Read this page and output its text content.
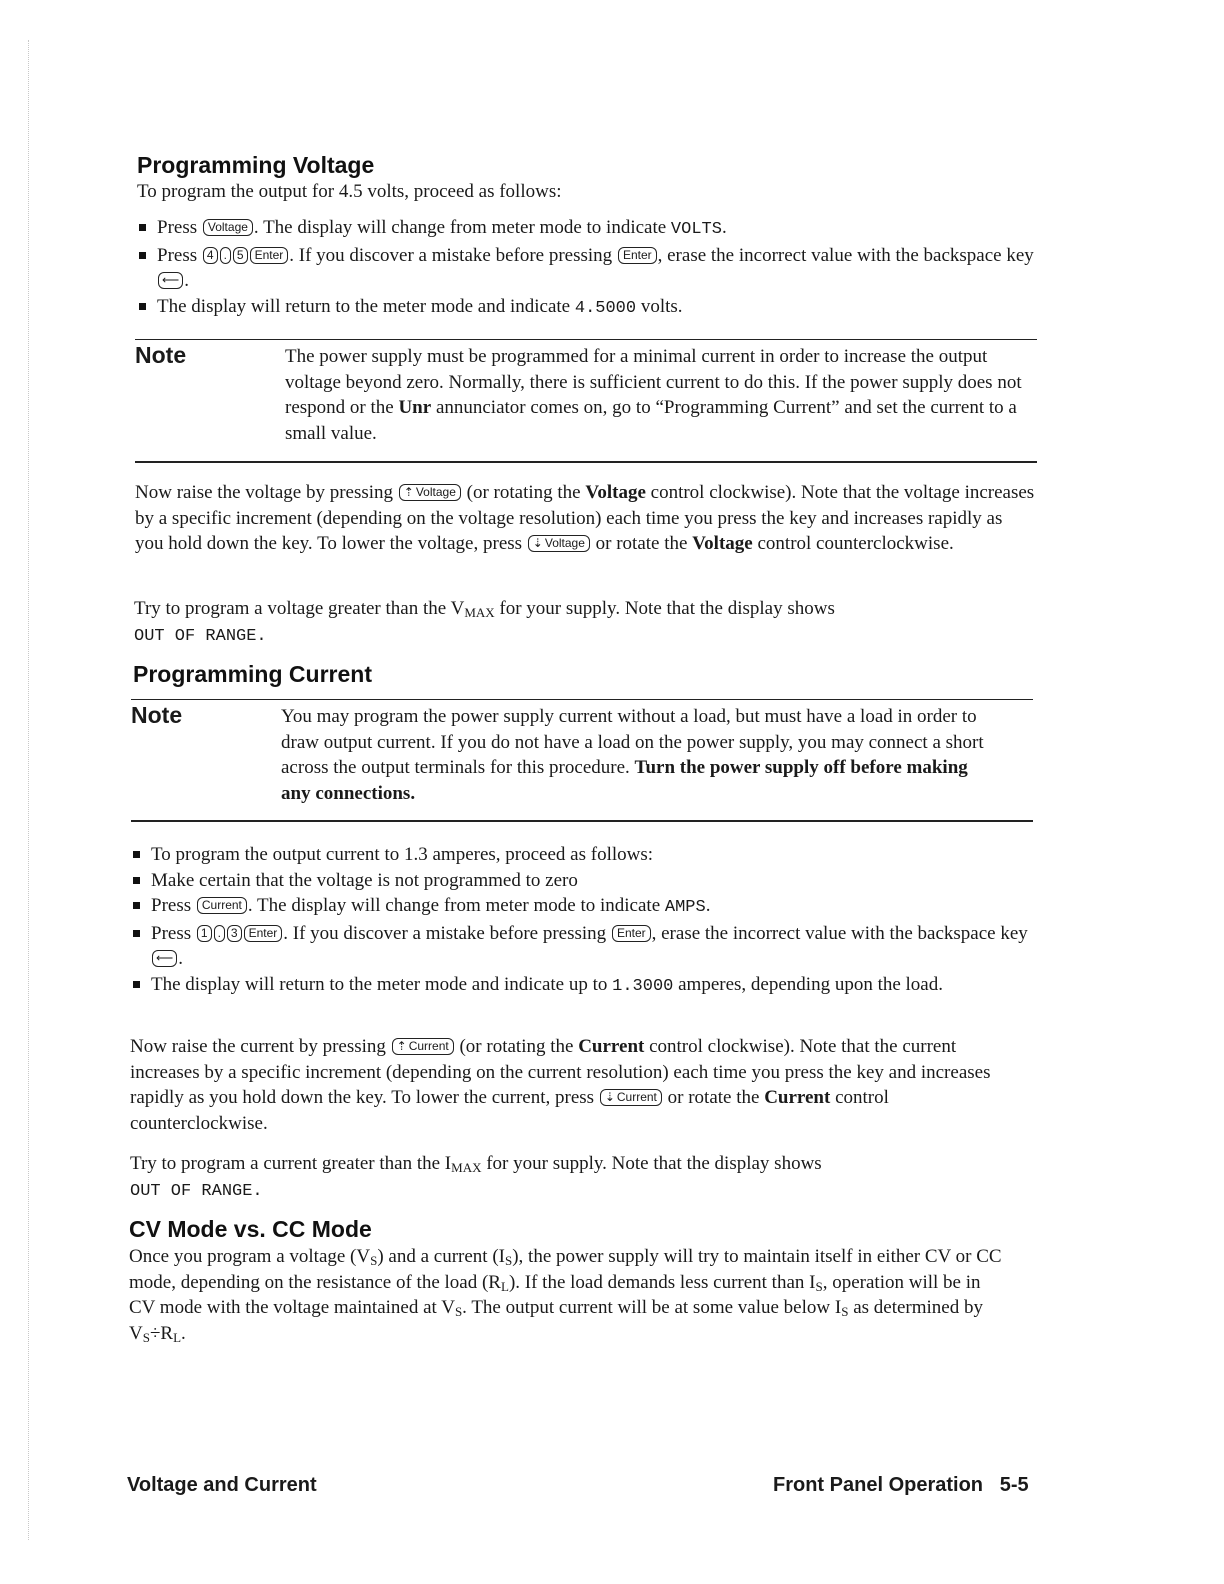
Programming Voltage

To program the output for 4.5 volts, proceed as follows:

Press Voltage . The display will change from meter mode to indicate VOLTS.
Press 4 . 5 Enter . If you discover a mistake before pressing Enter , erase the incorrect value with the backspace key ⟵ .
The display will return to the meter mode and indicate 4.5000 volts.
Note	The power supply must be programmed for a minimal current in order to increase the output voltage beyond zero. Normally, there is sufficient current to do this. If the power supply does not respond or the Unr annunciator comes on, go to “Programming Current” and set the current to a small value.

Now raise the voltage by pressing ⇡ Voltage (or rotating the Voltage control clockwise). Note that the voltage increases by a specific increment (depending on the voltage resolution) each time you press the key and increases rapidly as you hold down the key. To lower the voltage, press ⇣ Voltage or rotate the Voltage control counterclockwise.

Try to program a voltage greater than the $V_{MAX}$ for your supply. Note that the display shows
OUT OF RANGE.

Programming Current
Note	You may program the power supply current without a load, but must have a load in order to draw output current. If you do not have a load on the power supply, you may connect a short across the output terminals for this procedure. Turn the power supply off before making any connections.

To program the output current to 1.3 amperes, proceed as follows:
Make certain that the voltage is not programmed to zero
Press Current . The display will change from meter mode to indicate AMPS.
Press 1 . 3 Enter . If you discover a mistake before pressing Enter , erase the incorrect value with the backspace key ⟵ .
The display will return to the meter mode and indicate up to 1.3000 amperes, depending upon the load.

Now raise the current by pressing ⇡ Current (or rotating the Current control clockwise). Note that the current increases by a specific increment (depending on the current resolution) each time you press the key and increases rapidly as you hold down the key. To lower the current, press ⇣ Current or rotate the Current control counterclockwise.

Try to program a current greater than the $I_{MAX}$ for your supply. Note that the display shows
OUT OF RANGE.

CV Mode vs. CC Mode

Once you program a voltage $(V_S)$ and a current $(I_S)$, the power supply will try to maintain itself in either CV or CC mode, depending on the resistance of the load $(R_L)$. If the load demands less current than $I_S$, operation will be in CV mode with the voltage maintained at $V_S$. The output current will be at some value below $I_S$ as determined by $V_S\div R_L$.

Voltage and Current	Front Panel Operation   5-5
